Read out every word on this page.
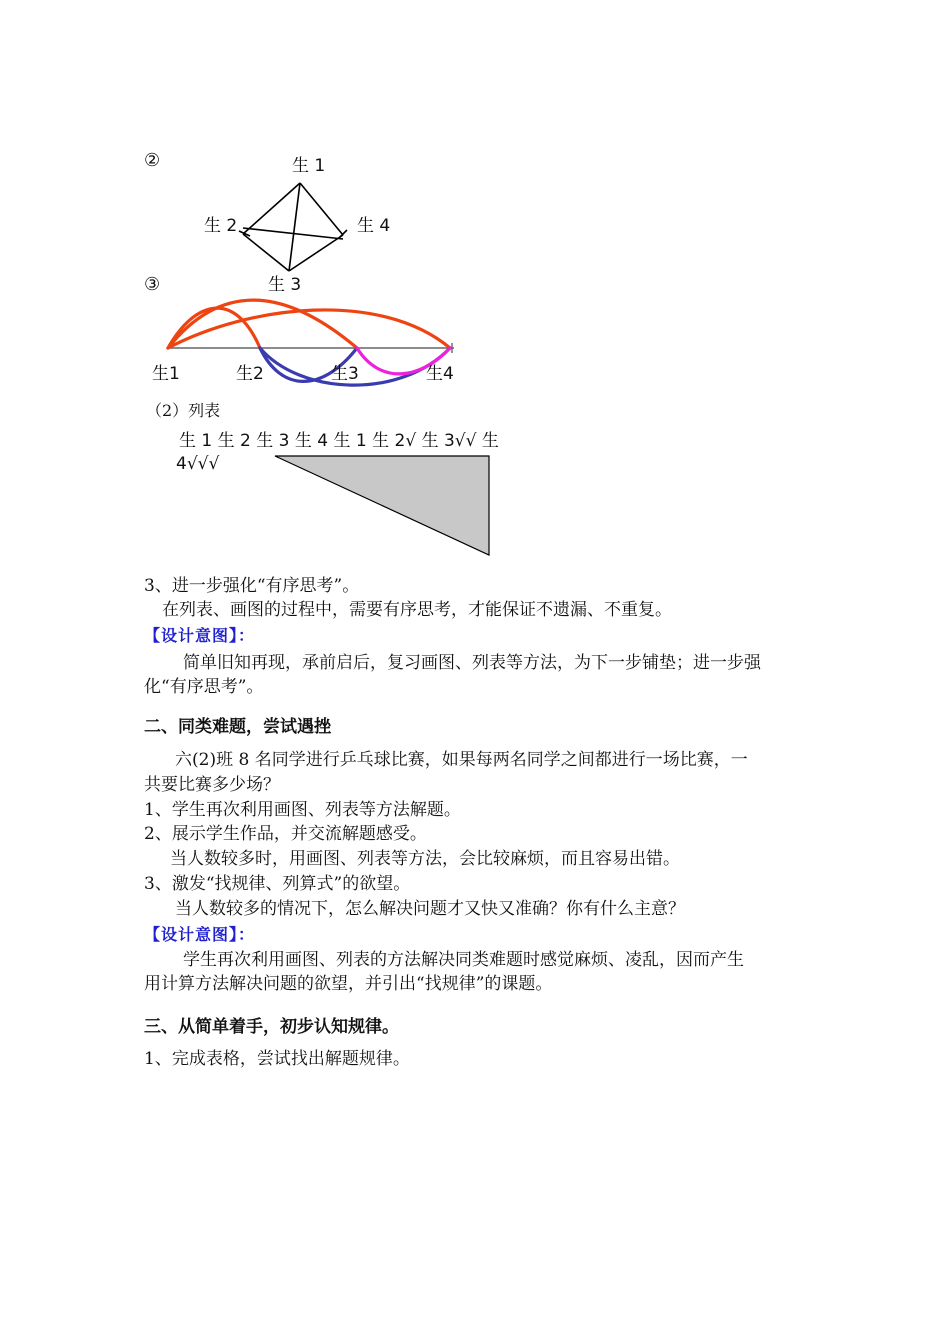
②	生 1
生 2	生 4
生 3
③
生1	生2	生3	生4
（2）列表
生 1 生 2 生 3 生 4 生 1 生 2√ 生 3√√ 生
4√√√
3、进一步强化“有序思考”。
在列表、画图的过程中，需要有序思考，才能保证不遗漏、不重复。
【设计意图】：
简单旧知再现，承前启后，复习画图、列表等方法，为下一步铺垫；进一步强
化“有序思考”。
二、同类难题，尝试遇挫
六(2)班 8 名同学进行乒乓球比赛，如果每两名同学之间都进行一场比赛，一
共要比赛多少场？
1、学生再次利用画图、列表等方法解题。
2、展示学生作品，并交流解题感受。
当人数较多时，用画图、列表等方法，会比较麻烦，而且容易出错。
3、激发“找规律、列算式”的欲望。
当人数较多的情况下，怎么解决问题才又快又准确？你有什么主意？
【设计意图】：
学生再次利用画图、列表的方法解决同类难题时感觉麻烦、凌乱，因而产生
用计算方法解决问题的欲望，并引出“找规律”的课题。
三、从简单着手，初步认知规律。
1、完成表格，尝试找出解题规律。
